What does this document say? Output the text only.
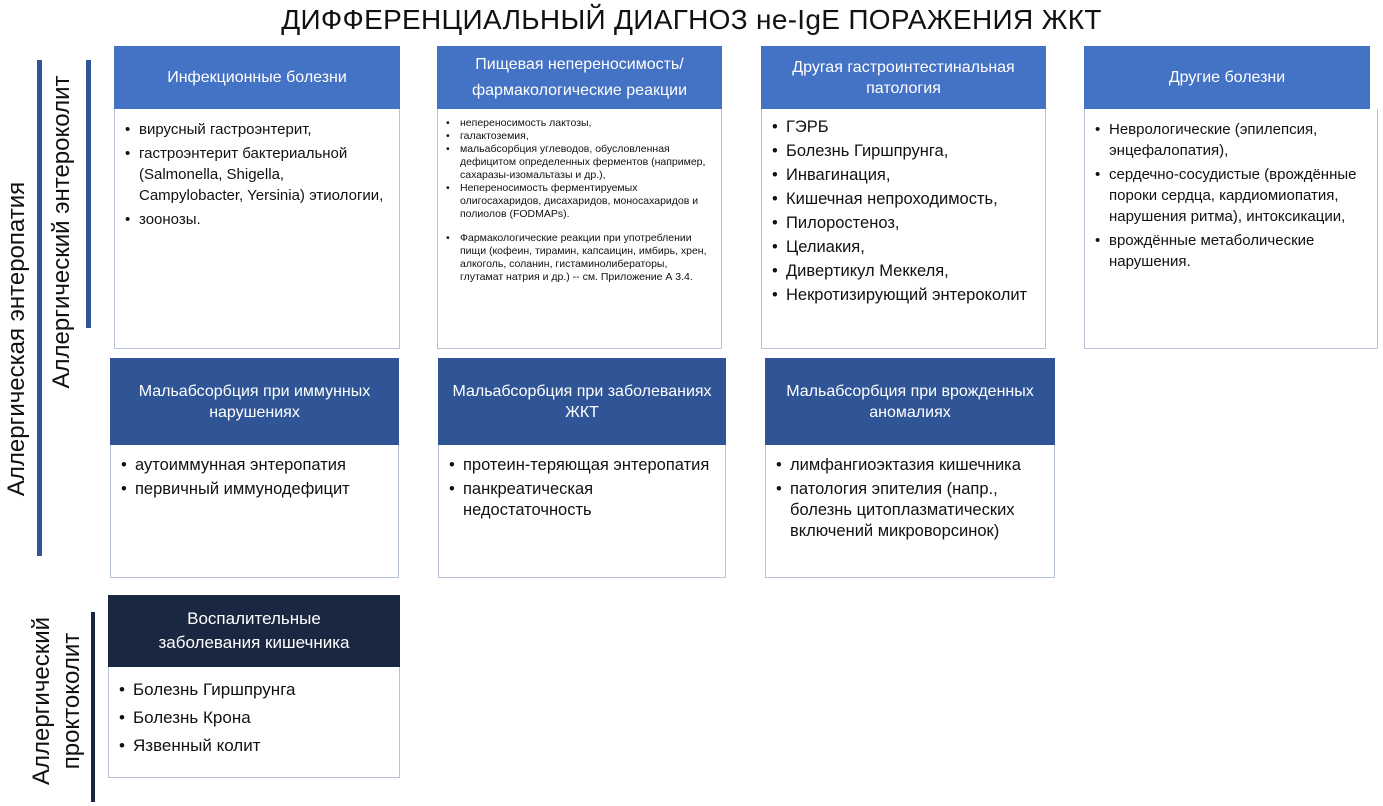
ДИФФЕРЕНЦИАЛЬНЫЙ ДИАГНОЗ не-IgE ПОРАЖЕНИЯ ЖКТ
Аллергическая энтеропатия Аллергический энтероколит
Аллергический проктоколит
Инфекционные болезни
• вирусный гастроэнтерит,
• гастроэнтерит бактериальной (Salmonella, Shigella, Campylobacter, Yersinia) этиологии,
• зоонозы.
Пищевая непереносимость/ фармакологические реакции
• непереносимость лактозы,
• галактоземия,
• мальабсорбция углеводов, обусловленная дефицитом определенных ферментов (например, сахаразы-изомальтазы и др.),
• Непереносимость ферментируемых олигосахаридов, дисахаридов, моносахаридов и полиолов (FODMAPs).
• Фармакологические реакции при употреблении пищи (кофеин, тирамин, капсаицин, имбирь, хрен, алкоголь, соланин, гистаминолибераторы, глутамат натрия и др.) -- см. Приложение А 3.4.
Другая гастроинтестинальная патология
• ГЭРБ
• Болезнь Гиршпрунга,
• Инвагинация,
• Кишечная непроходимость,
• Пилоростеноз,
• Целиакия,
• Дивертикул Меккеля,
• Некротизирующий энтероколит
Другие болезни
• Неврологические (эпилепсия, энцефалопатия),
• сердечно-сосудистые (врождённые пороки сердца, кардиомиопатия, нарушения ритма), интоксикации,
• врождённые метаболические нарушения.
Мальабсорбция при иммунных нарушениях
• аутоиммунная энтеропатия
• первичный иммунодефицит
Мальабсорбция при заболеваниях ЖКТ
• протеин-теряющая энтеропатия
• панкреатическая недостаточность
Мальабсорбция при врожденных аномалиях
• лимфангиоэктазия кишечника
• патология эпителия (напр., болезнь цитоплазматических включений микроворсинок)
Воспалительные заболевания кишечника
• Болезнь Гиршпрунга
• Болезнь Крона
• Язвенный колит
